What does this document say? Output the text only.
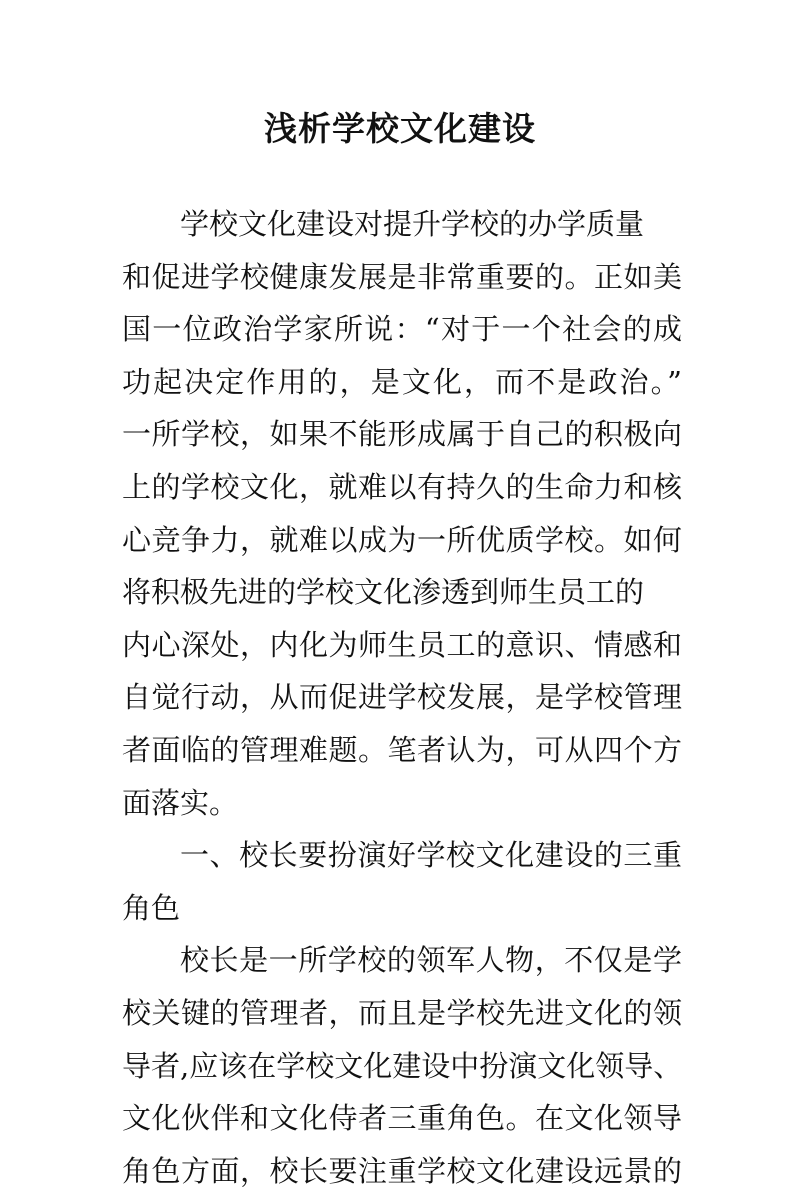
浅析学校文化建设
学校文化建设对提升学校的办学质量
和促进学校健康发展是非常重要的。正如美
国一位政治学家所说：“对于一个社会的成
功起决定作用的，是文化，而不是政治。”
一所学校，如果不能形成属于自己的积极向
上的学校文化，就难以有持久的生命力和核
心竞争力，就难以成为一所优质学校。如何
将积极先进的学校文化渗透到师生员工的
内心深处，内化为师生员工的意识、情感和
自觉行动，从而促进学校发展，是学校管理
者面临的管理难题。笔者认为，可从四个方
面落实。
一、校长要扮演好学校文化建设的三重
角色
校长是一所学校的领军人物，不仅是学
校关键的管理者，而且是学校先进文化的领
导者,应该在学校文化建设中扮演文化领导、
文化伙伴和文化侍者三重角色。在文化领导
角色方面，校长要注重学校文化建设远景的
